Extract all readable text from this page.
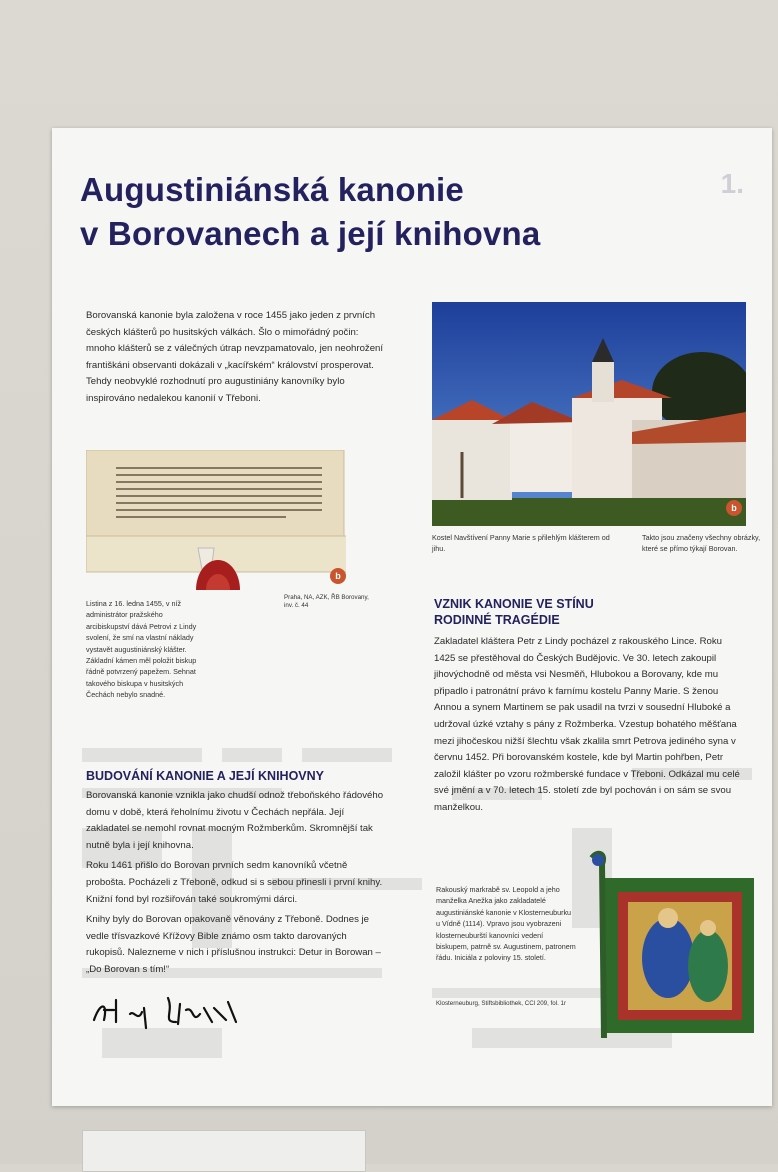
Augustiniánská kanonie
v Borovanech a její knihovna
1.

Borovanská kanonie byla založena v roce 1455 jako jeden z prvních českých klášterů po husitských válkách. Šlo o mimořádný počin: mnoho klášterů se z válečných útrap nevzpamatovalo, jen neohrožení františkáni observanti dokázali v „kacířském“ království prosperovat. Tehdy neobvyklé rozhodnutí pro augustiniány kanovníky bylo inspirováno nedalekou kanonií v Třeboni.

b

Listina z 16. ledna 1455, v níž administrátor pražského arcibiskupství dává Petrovi z Lindy svolení, že smí na vlastní náklady vystavět augustiniánský klášter. Základní kámen měl položit biskup řádně potvrzený papežem. Sehnat takového biskupa v husitských Čechách nebylo snadné.

Praha, NA, AZK, ŘB Borovany, inv. č. 44

b

Kostel Navštívení Panny Marie s přilehlým klášterem od jihu.

Takto jsou značeny všechny obrázky, které se přímo týkají Borovan.

VZNIK KANONIE VE STÍNU
RODINNÉ TRAGÉDIE

Zakladatel kláštera Petr z Lindy pocházel z rakouského Lince. Roku 1425 se přestěhoval do Českých Budějovic. Ve 30. letech zakoupil jihovýchodně od města vsi Nesměň, Hlubokou a Borovany, kde mu připadlo i patronátní právo k farnímu kostelu Panny Marie. S ženou Annou a synem Martinem se pak usadil na tvrzi v sousední Hluboké a udržoval úzké vztahy s pány z Rožmberka. Vzestup bohatého měšťana mezi jihočeskou nižší šlechtu však zkalila smrt Petrova jediného syna v červnu 1452. Při borovanském kostele, kde byl Martin pohřben, Petr založil klášter po vzoru rožmberské fundace v Třeboni. Odkázal mu celé své jmění a v 70. letech 15. století zde byl pochován i on sám se svou manželkou.

BUDOVÁNÍ KANONIE A JEJÍ KNIHOVNY
Borovanská kanonie vznikla jako chudší odnož třeboňského řádového domu v době, která řeholnímu životu v Čechách nepřála. Její zakladatel se nemohl rovnat mocným Rožmberkům. Skromnější tak nutně byla i její knihovna.
Roku 1461 přišlo do Borovan prvních sedm kanovníků včetně probošta. Pocházeli z Třeboně, odkud si s sebou přinesli i první knihy. Knižní fond byl rozšiřován také soukromými dárci.
Knihy byly do Borovan opakovaně věnovány z Třeboně. Dodnes je vedle třísvazkové Křížovy Bible známo osm takto darovaných rukopisů. Nalezneme v nich i příslušnou instrukci: Detur in Borowan – „Do Borovan s tím!“

Rakouský markrabě sv. Leopold a jeho manželka Anežka jako zakladatelé augustiniánské kanonie v Klosterneuburku u Vídně (1114). Vpravo jsou vyobrazeni klosterneuburští kanovníci vedení biskupem, patrně sv. Augustinem, patronem řádu. Iniciála z poloviny 15. století.

Klosterneuburg, Stiftsbibliothek, CCl 209, fol. 1r
